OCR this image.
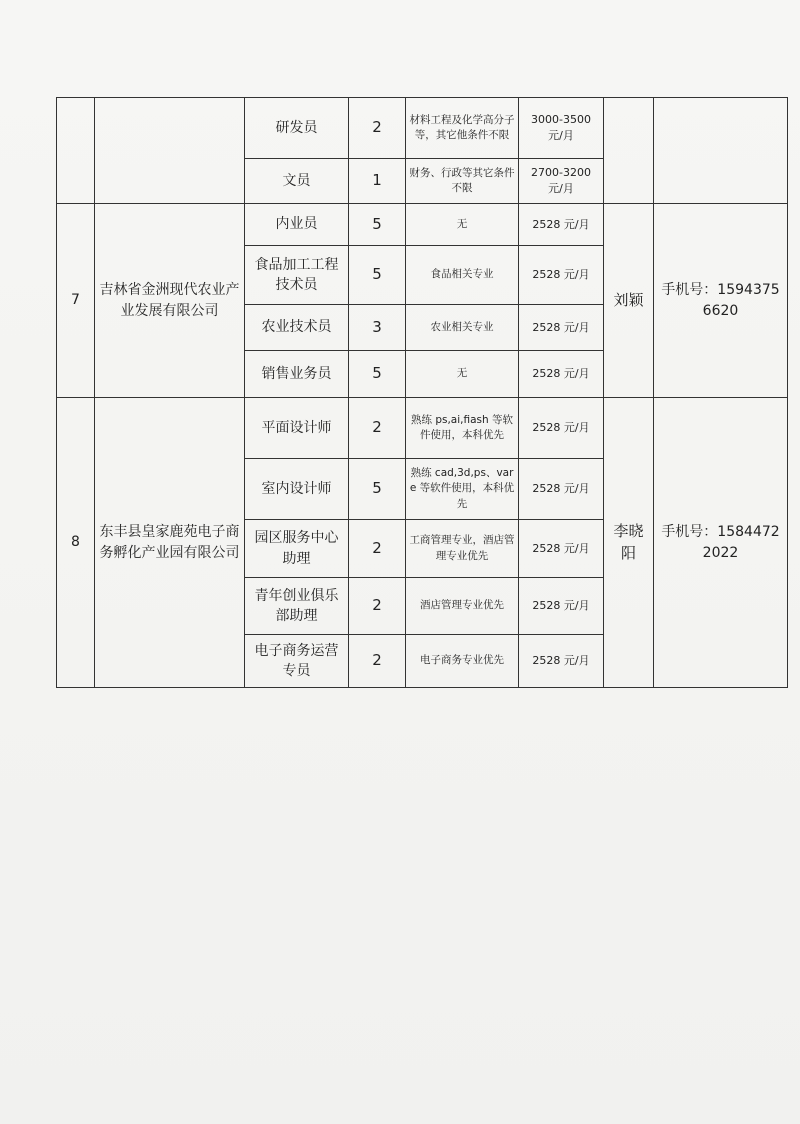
		研发员	2	材料工程及化学高分子等，其它他条件不限	3000-3500 元/月		
		文员	1	财务、行政等其它条件不限	2700-3200 元/月		
7	吉林省金洲现代农业产业发展有限公司	内业员	5	无	2528 元/月	刘颖	手机号：15943756620
		食品加工工程技术员	5	食品相关专业	2528 元/月		
		农业技术员	3	农业相关专业	2528 元/月		
		销售业务员	5	无	2528 元/月		
8	东丰县皇家鹿苑电子商务孵化产业园有限公司	平面设计师	2	熟练 ps,ai,fiash 等软件使用，本科优先	2528 元/月	李晓阳	手机号：15844722022
		室内设计师	5	熟练 cad,3d,ps、vare 等软件使用，本科优先	2528 元/月		
		园区服务中心助理	2	工商管理专业，酒店管理专业优先	2528 元/月		
		青年创业俱乐部助理	2	酒店管理专业优先	2528 元/月		
		电子商务运营专员	2	电子商务专业优先	2528 元/月		
